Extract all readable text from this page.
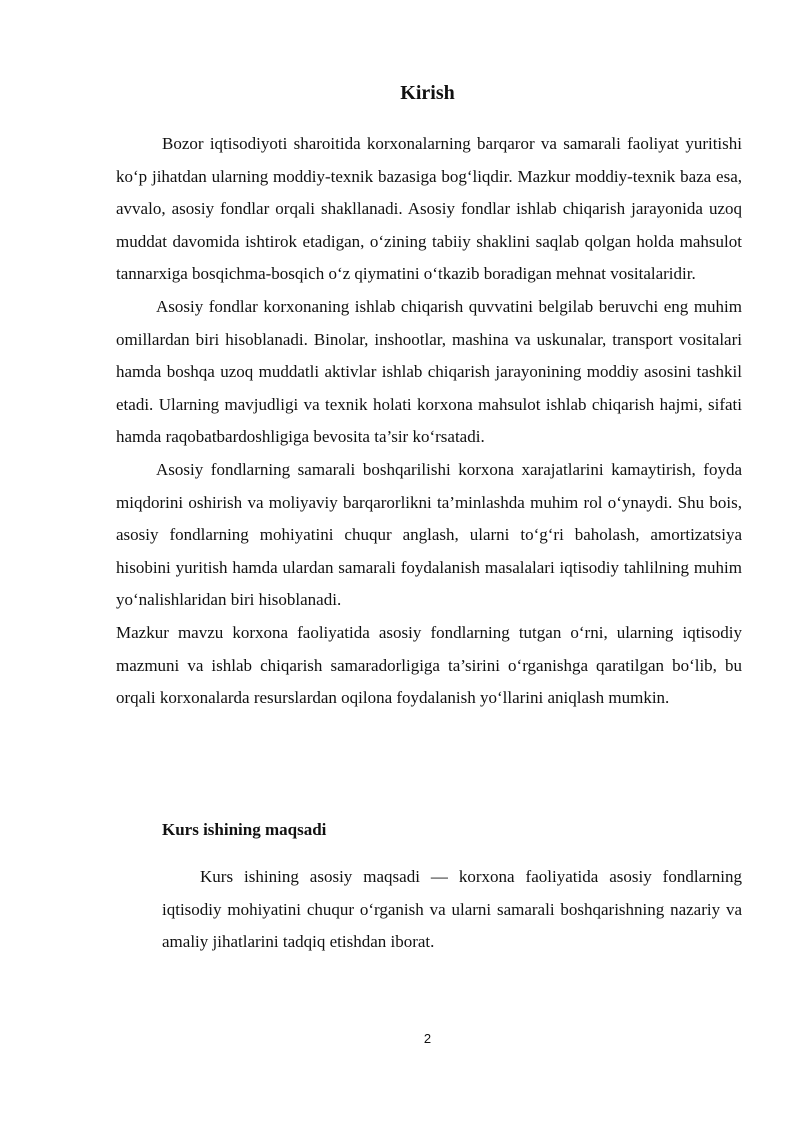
Kirish

Bozor iqtisodiyoti sharoitida korxonalarning barqaror va samarali faoliyat yuritishi ko‘p jihatdan ularning moddiy-texnik bazasiga bog‘liqdir. Mazkur moddiy-texnik baza esa, avvalo, asosiy fondlar orqali shakllanadi. Asosiy fondlar ishlab chiqarish jarayonida uzoq muddat davomida ishtirok etadigan, o‘zining tabiiy shaklini saqlab qolgan holda mahsulot tannarxiga bosqichma-bosqich o‘z qiymatini o‘tkazib boradigan mehnat vositalaridir.

Asosiy fondlar korxonaning ishlab chiqarish quvvatini belgilab beruvchi eng muhim omillardan biri hisoblanadi. Binolar, inshootlar, mashina va uskunalar, transport vositalari hamda boshqa uzoq muddatli aktivlar ishlab chiqarish jarayonining moddiy asosini tashkil etadi. Ularning mavjudligi va texnik holati korxona mahsulot ishlab chiqarish hajmi, sifati hamda raqobatbardoshligiga bevosita ta’sir ko‘rsatadi.

Asosiy fondlarning samarali boshqarilishi korxona xarajatlarini kamaytirish, foyda miqdorini oshirish va moliyaviy barqarorlikni ta’minlashda muhim rol o‘ynaydi. Shu bois, asosiy fondlarning mohiyatini chuqur anglash, ularni to‘g‘ri baholash, amortizatsiya hisobini yuritish hamda ulardan samarali foydalanish masalalari iqtisodiy tahlilning muhim yo‘nalishlaridan biri hisoblanadi.

Mazkur mavzu korxona faoliyatida asosiy fondlarning tutgan o‘rni, ularning iqtisodiy mazmuni va ishlab chiqarish samaradorligiga ta’sirini o‘rganishga qaratilgan bo‘lib, bu orqali korxonalarda resurslardan oqilona foydalanish yo‘llarini aniqlash mumkin.

Kurs ishining maqsadi

Kurs ishining asosiy maqsadi — korxona faoliyatida asosiy fondlarning iqtisodiy mohiyatini chuqur o‘rganish va ularni samarali boshqarishning nazariy va amaliy jihatlarini tadqiq etishdan iborat.

2
